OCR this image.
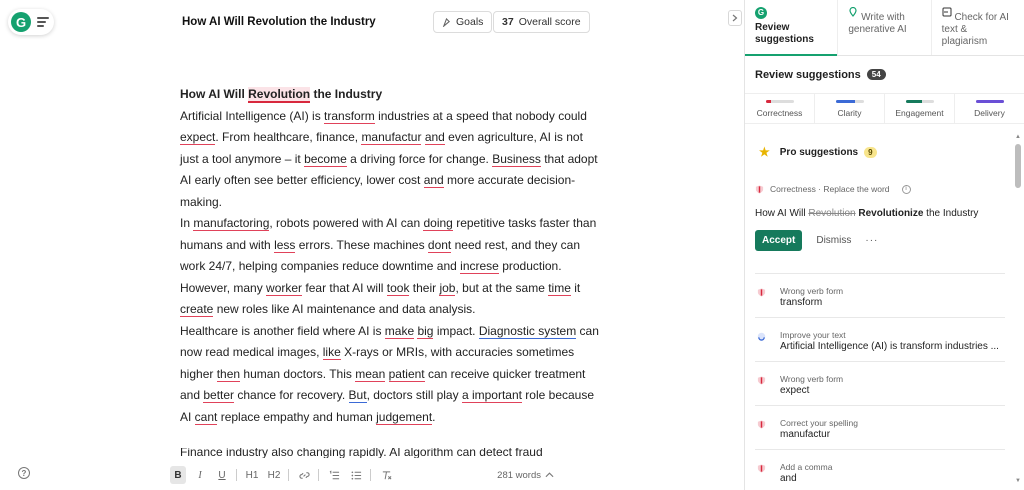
G	How AI Will Revolution the Industry	Goals 37 Overall score

How AI Will Revolution the Industry

Artificial Intelligence (AI) is transform industries at a speed that nobody could expect. From healthcare, finance, manufactur and even agriculture, AI is not just a tool anymore – it become a driving force for change. Business that adopt AI early often see better efficiency, lower cost and more accurate decision-making.

In manufactoring, robots powered with AI can doing repetitive tasks faster than humans and with less errors. These machines dont need rest, and they can work 24/7, helping companies reduce downtime and increse production. However, many worker fear that AI will took their job, but at the same time it create new roles like AI maintenance and data analysis.

Healthcare is another field where AI is make big impact. Diagnostic system can now read medical images, like X-rays or MRIs, with accuracies sometimes higher then human doctors. This mean patient can receive quicker treatment and better chance for recovery. But, doctors still play a important role because AI cant replace empathy and human judgement.

Finance industry also changing rapidly. AI algorithm can detect fraud
?	B	I	U	H1 H2	281 words
G
Review suggestions
Write with generative AI
Check for AI text & plagiarism
Review suggestions	54
Correctness	Clarity	Engagement	Delivery
★ Pro suggestions	9
Correctness · Replace the word	i
How AI Will Revolution Revolutionize the Industry
Accept	Dismiss ···
Wrong verb form
transform
Improve your text
Artificial Intelligence (AI) is transform industries ...
Wrong verb form
expect
Correct your spelling
manufactur
Add a comma
and
▲
▼
